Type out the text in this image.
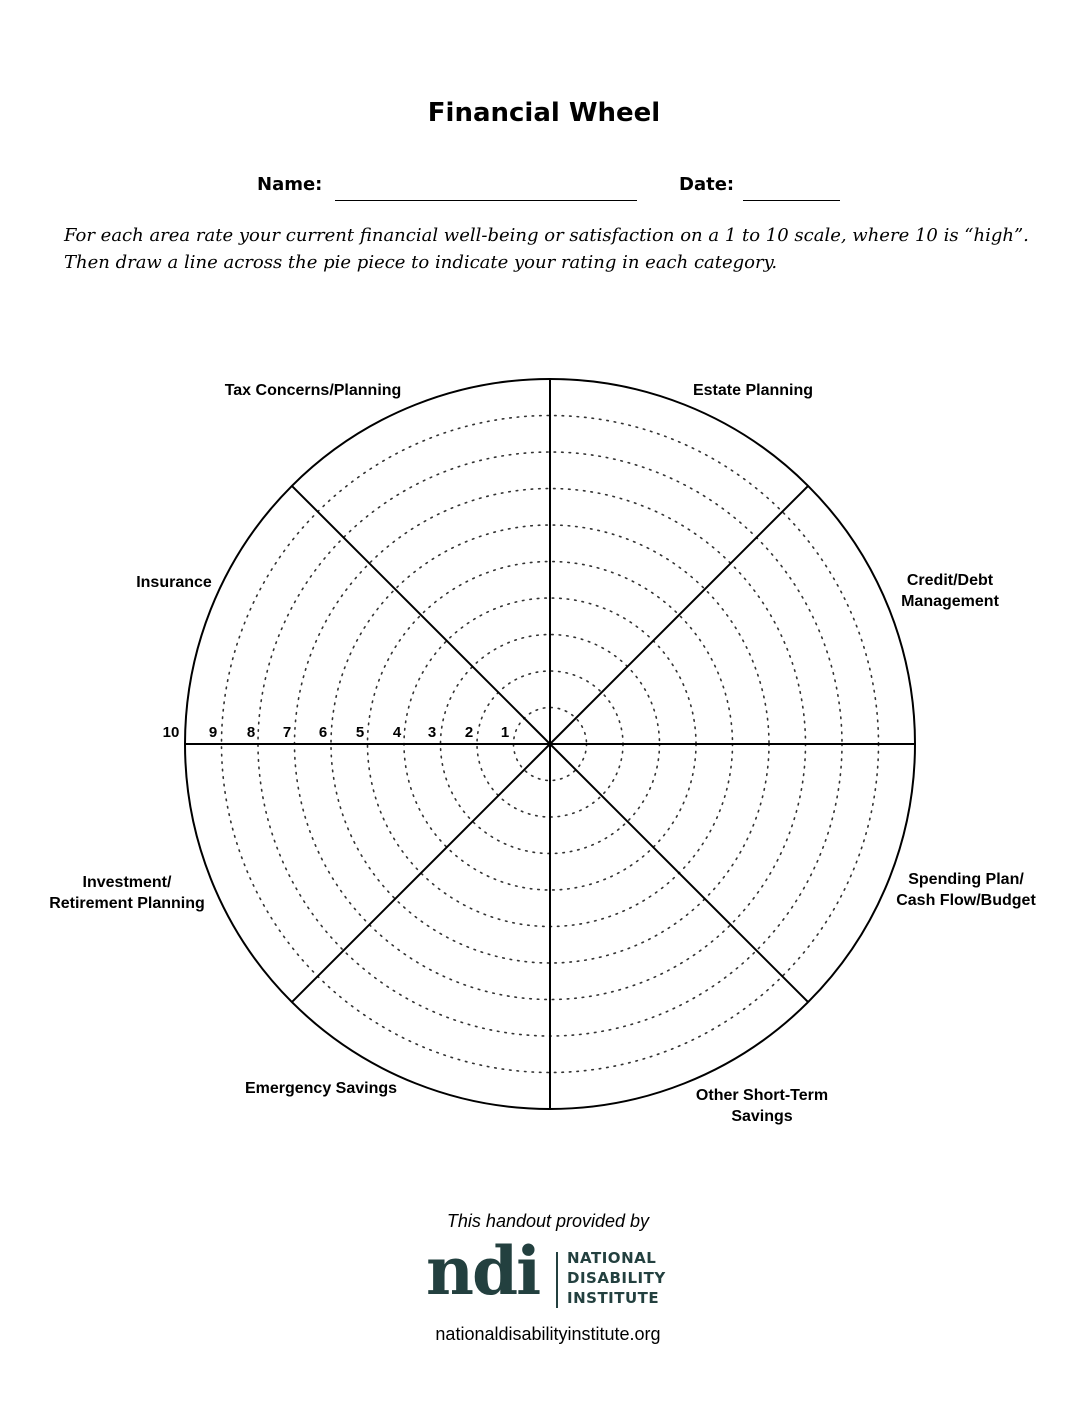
Financial Wheel
Name:	Date:
For each area rate your current financial well-being or satisfaction on a 1 to 10 scale, where 10 is “high”. Then draw a line across the pie piece to indicate your rating in each category.
1
2
3
4
5
6
7
8
9
10
Estate Planning
Credit/Debt Management
Spending Plan/ Cash Flow/Budget
Other Short-Term Savings
Emergency Savings
Investment/ Retirement Planning
Insurance
Tax Concerns/Planning
This handout provided by
ndi NATIONAL
DISABILITY
INSTITUTE
nationaldisabilityinstitute.org
